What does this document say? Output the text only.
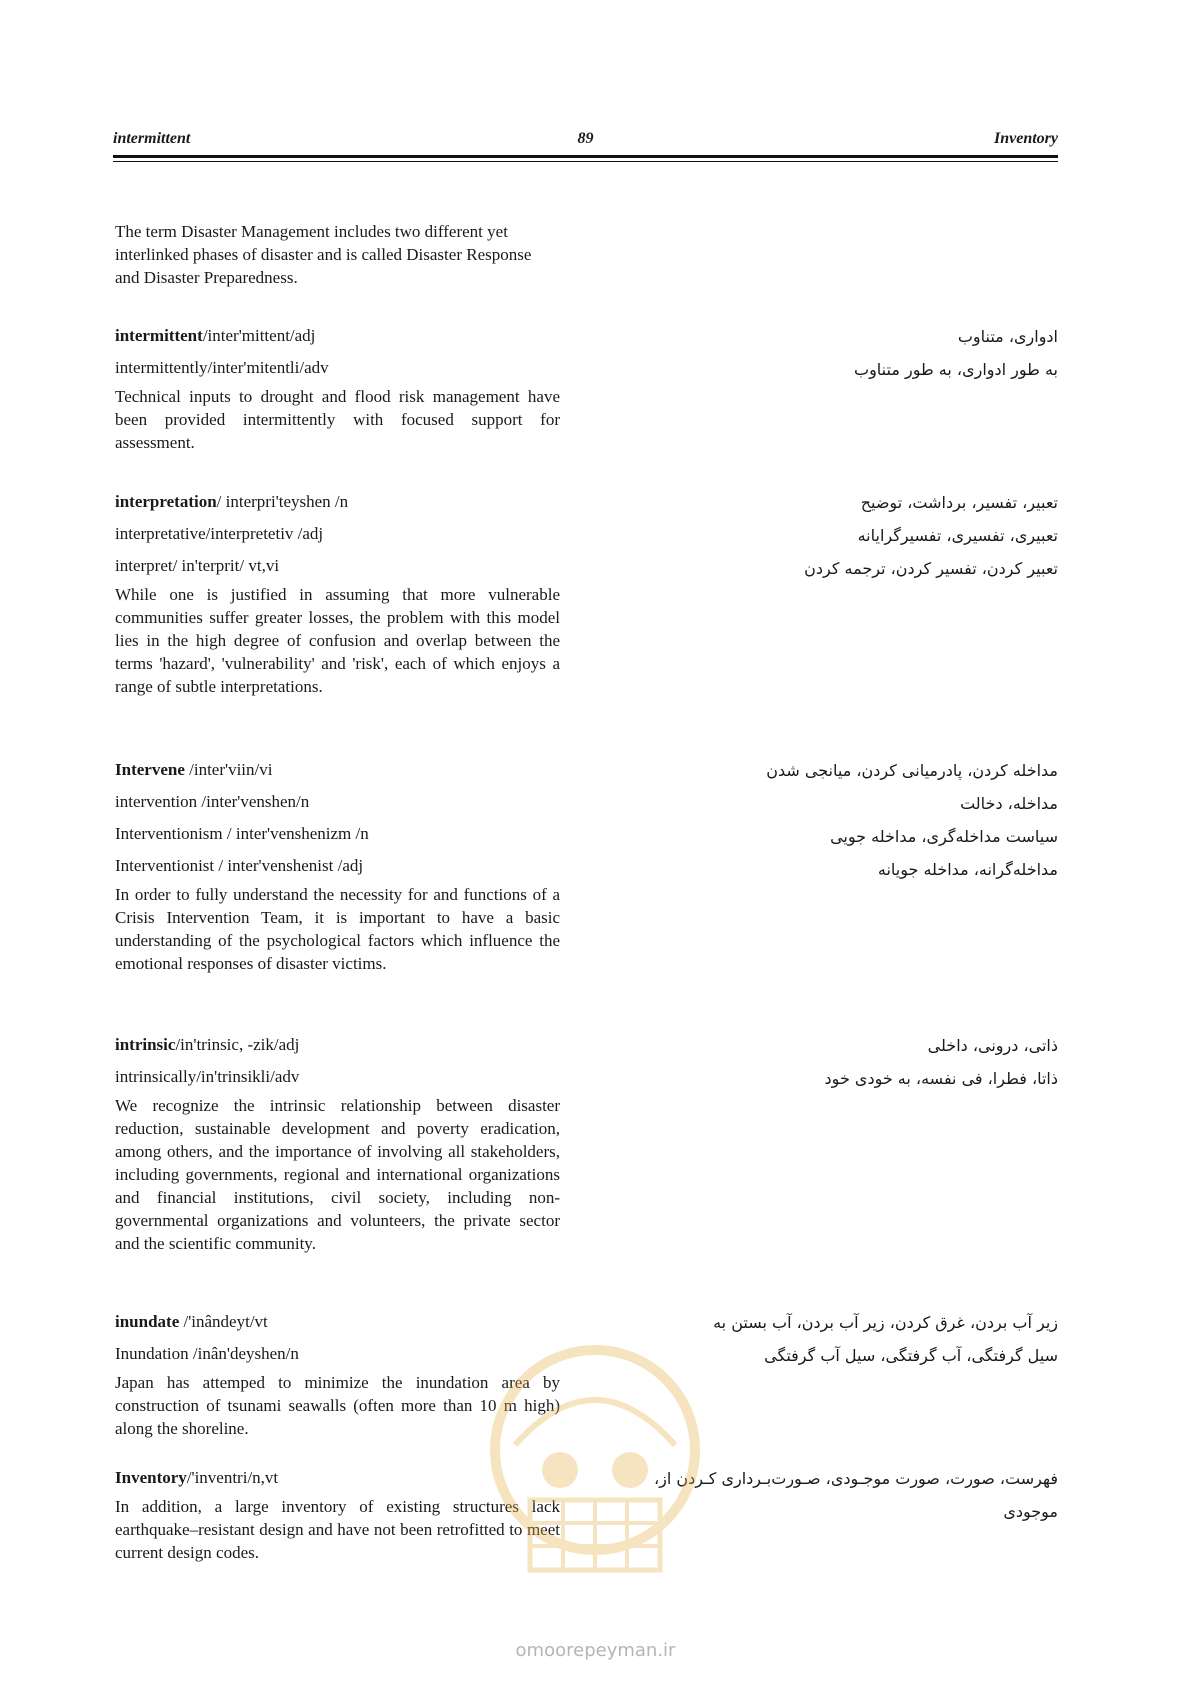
intermittent	89	Inventory

The term Disaster Management includes two different yet interlinked phases of disaster and is called Disaster Response and Disaster Preparedness.

intermittent/inter'mittent/adj

intermittently/inter'mitentli/adv

Technical inputs to drought and flood risk management have been provided intermittently with focused support for assessment.

ادواری، متناوب

به طور ادواری، به طور متناوب

interpretation/ interpri'teyshen /n

interpretative/interpretetiv /adj

interpret/ in'terprit/ vt,vi

While one is justified in assuming that more vulnerable communities suffer greater losses, the problem with this model lies in the high degree of confusion and overlap between the terms 'hazard', 'vulnerability' and 'risk', each of which enjoys a range of subtle interpretations.

تعبیر، تفسیر، برداشت، توضیح

تعبیری، تفسیری، تفسیرگرایانه

تعبیر کردن، تفسیر کردن، ترجمه کردن

Intervene /inter'viin/vi

intervention /inter'venshen/n

Interventionism / inter'venshenizm /n

Interventionist / inter'venshenist /adj

In order to fully understand the necessity for and functions of a Crisis Intervention Team, it is important to have a basic understanding of the psychological factors which influence the emotional responses of disaster victims.

مداخله کردن، پادرمیانی کردن، میانجی شدن

مداخله، دخالت

سیاست مداخله‌گری، مداخله جویی

مداخله‌گرانه، مداخله جویانه

intrinsic/in'trinsic, -zik/adj

intrinsically/in'trinsikli/adv

We recognize the intrinsic relationship between disaster reduction, sustainable development and poverty eradication, among others, and the importance of involving all stakeholders, including governments, regional and international organizations and financial institutions, civil society, including non-governmental organizations and volunteers, the private sector and the scientific community.

ذاتی، درونی، داخلی

ذاتا، فطرا، فی نفسه، به خودی خود

inundate /'inândeyt/vt

Inundation /inân'deyshen/n

Japan has attemped to minimize the inundation area by construction of tsunami seawalls (often more than 10 m high) along the shoreline.

زیر آب بردن، غرق کردن، زیر آب بردن، آب بستن به

سیل گرفتگی، آب گرفتگی، سیل آب گرفتگی

Inventory/'inventri/n,vt

In addition, a large inventory of existing structures lack earthquake–resistant design and have not been retrofitted to meet current design codes.

فهرست، صورت، صورت موجـودی، صـورت‌بـرداری کـردن از،

موجودی

omoorepeyman.ir
